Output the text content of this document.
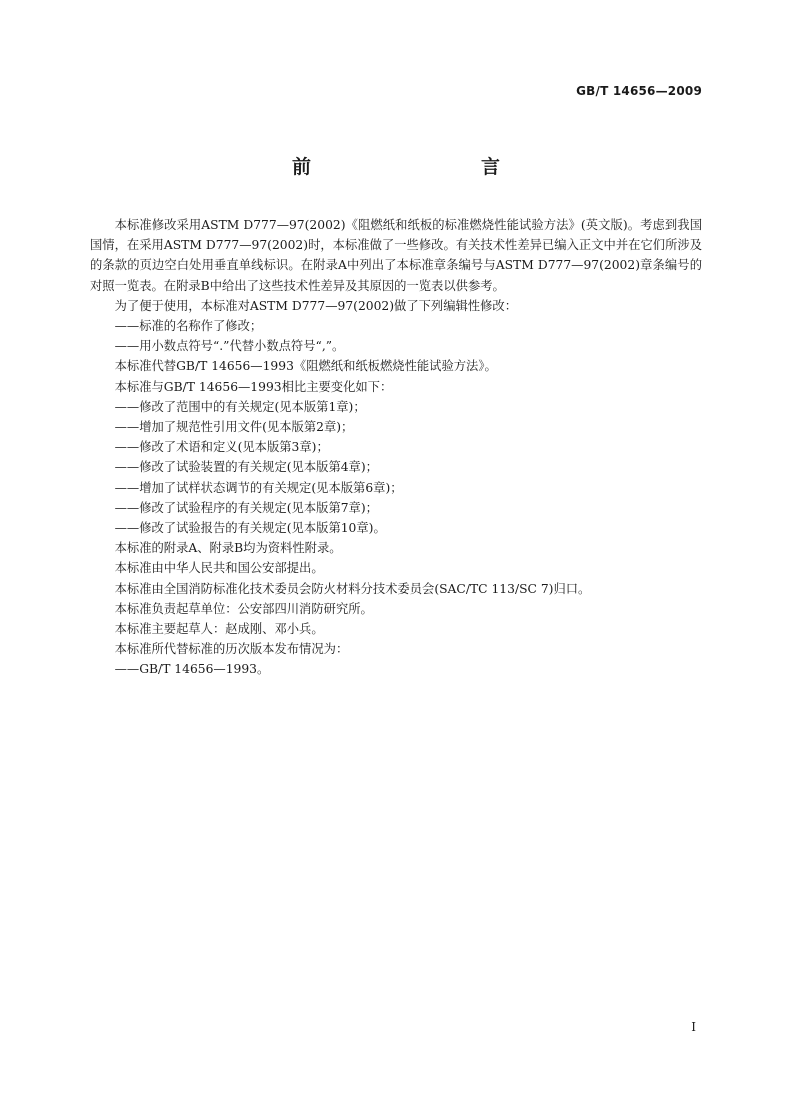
GB/T 14656—2009
前　　言

本标准修改采用ASTM D777—97(2002)《阻燃纸和纸板的标准燃烧性能试验方法》(英文版)。考虑到我国国情，在采用ASTM D777—97(2002)时，本标准做了一些修改。有关技术性差异已编入正文中并在它们所涉及的条款的页边空白处用垂直单线标识。在附录A中列出了本标准章条编号与ASTM D777—97(2002)章条编号的对照一览表。在附录B中给出了这些技术性差异及其原因的一览表以供参考。

为了便于使用，本标准对ASTM D777—97(2002)做了下列编辑性修改：

——标准的名称作了修改；

——用小数点符号“.”代替小数点符号“,”。

本标准代替GB/T 14656—1993《阻燃纸和纸板燃烧性能试验方法》。

本标准与GB/T 14656—1993相比主要变化如下：

——修改了范围中的有关规定(见本版第1章)；

——增加了规范性引用文件(见本版第2章)；

——修改了术语和定义(见本版第3章)；

——修改了试验装置的有关规定(见本版第4章)；

——增加了试样状态调节的有关规定(见本版第6章)；

——修改了试验程序的有关规定(见本版第7章)；

——修改了试验报告的有关规定(见本版第10章)。

本标准的附录A、附录B均为资料性附录。

本标准由中华人民共和国公安部提出。

本标准由全国消防标准化技术委员会防火材料分技术委员会(SAC/TC 113/SC 7)归口。

本标准负责起草单位：公安部四川消防研究所。

本标准主要起草人：赵成刚、邓小兵。

本标准所代替标准的历次版本发布情况为：

——GB/T 14656—1993。

I
